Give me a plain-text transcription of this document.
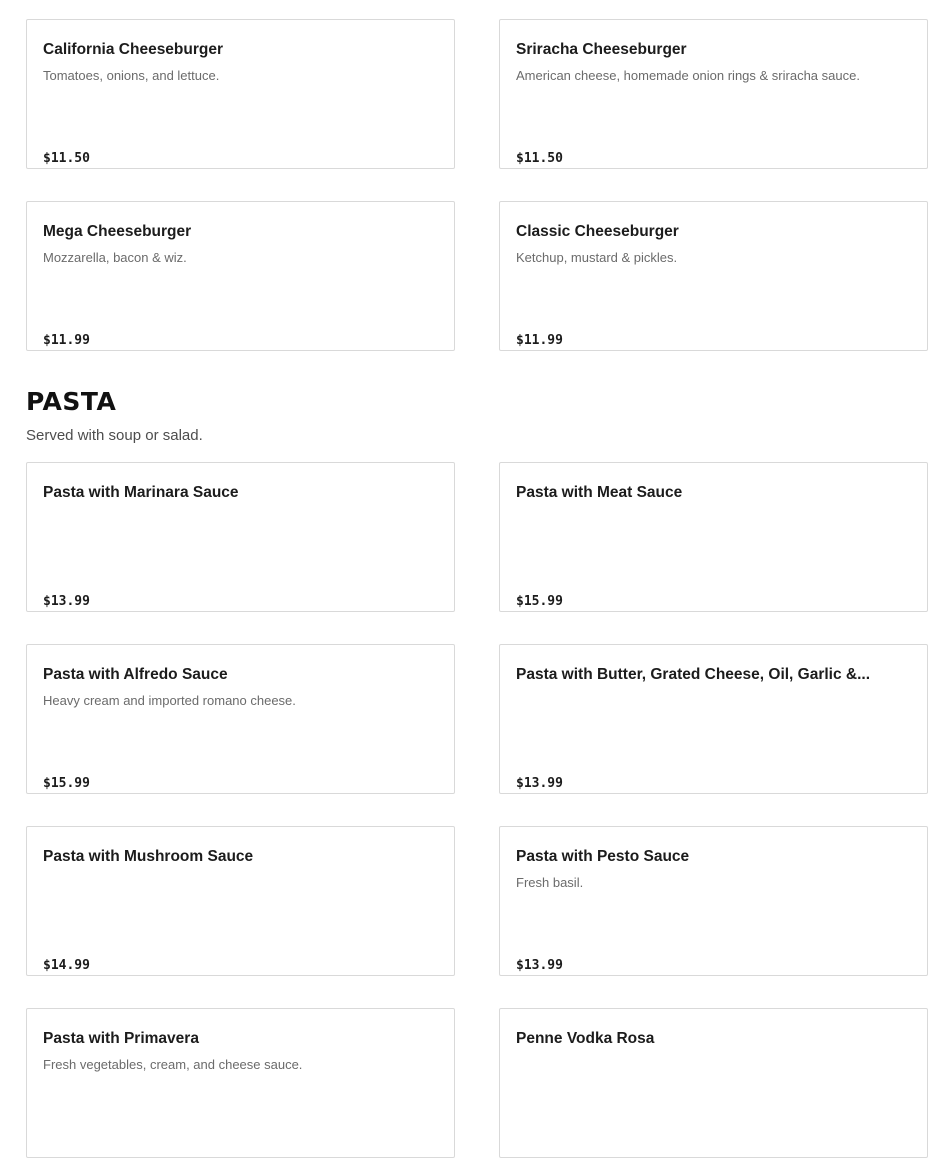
California Cheeseburger
Tomatoes, onions, and lettuce.
$11.50
Sriracha Cheeseburger
American cheese, homemade onion rings & sriracha sauce.
$11.50
Mega Cheeseburger
Mozzarella, bacon & wiz.
$11.99
Classic Cheeseburger
Ketchup, mustard & pickles.
$11.99
PASTA
Served with soup or salad.
Pasta with Marinara Sauce
$13.99
Pasta with Meat Sauce
$15.99
Pasta with Alfredo Sauce
Heavy cream and imported romano cheese.
$15.99
Pasta with Butter, Grated Cheese, Oil, Garlic &...
$13.99
Pasta with Mushroom Sauce
$14.99
Pasta with Pesto Sauce
Fresh basil.
$13.99
Pasta with Primavera
Fresh vegetables, cream, and cheese sauce.
Penne Vodka Rosa
